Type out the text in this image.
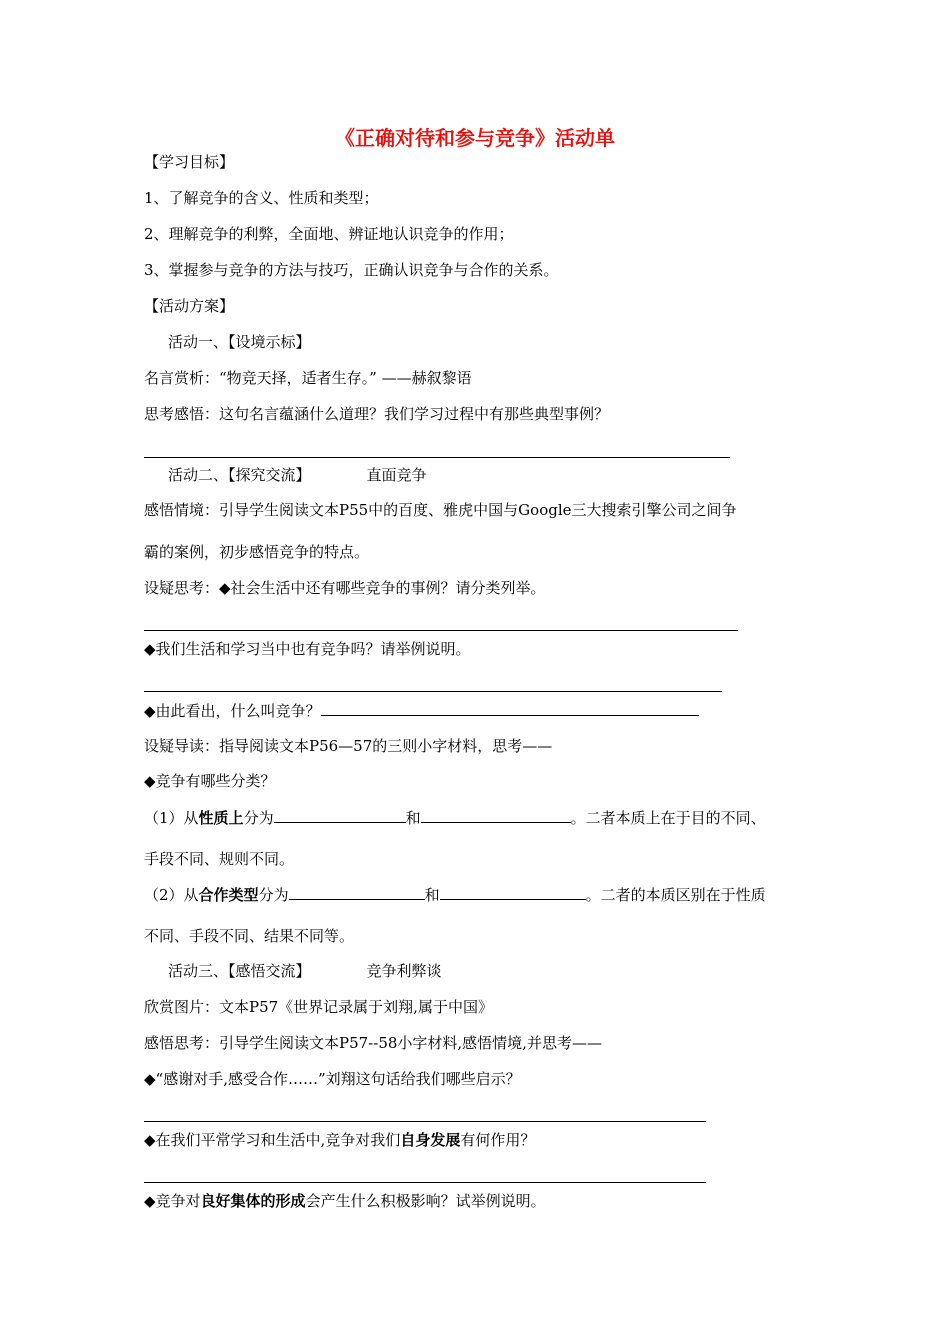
《正确对待和参与竞争》活动单
【学习目标】
1、了解竞争的含义、性质和类型；
2、理解竞争的利弊，全面地、辨证地认识竞争的作用；
3、掌握参与竞争的方法与技巧，正确认识竞争与合作的关系。
【活动方案】
活动一、【设境示标】
名言赏析：“物竞天择，适者生存。” ——赫叙黎语
思考感悟：这句名言蕴涵什么道理？我们学习过程中有那些典型事例？
活动二、【探究交流】	直面竞争
感悟情境：引导学生阅读文本P55中的百度、雅虎中国与Google三大搜索引擎公司之间争
霸的案例，初步感悟竞争的特点。
设疑思考：◆社会生活中还有哪些竞争的事例？请分类列举。
◆我们生活和学习当中也有竞争吗？请举例说明。
◆由此看出，什么叫竞争？
设疑导读：指导阅读文本P56—57的三则小字材料，思考——
◆竞争有哪些分类？
（1）从性质上分为	和	。二者本质上在于目的不同、
手段不同、规则不同。
（2）从合作类型分为	和	。二者的本质区别在于性质
不同、手段不同、结果不同等。
活动三、【感悟交流】	竞争利弊谈
欣赏图片：文本P57《世界记录属于刘翔,属于中国》
感悟思考：引导学生阅读文本P57--58小字材料,感悟情境,并思考——
◆“感谢对手,感受合作……”刘翔这句话给我们哪些启示？
◆在我们平常学习和生活中,竞争对我们自身发展有何作用？
◆竞争对良好集体的形成会产生什么积极影响？试举例说明。
